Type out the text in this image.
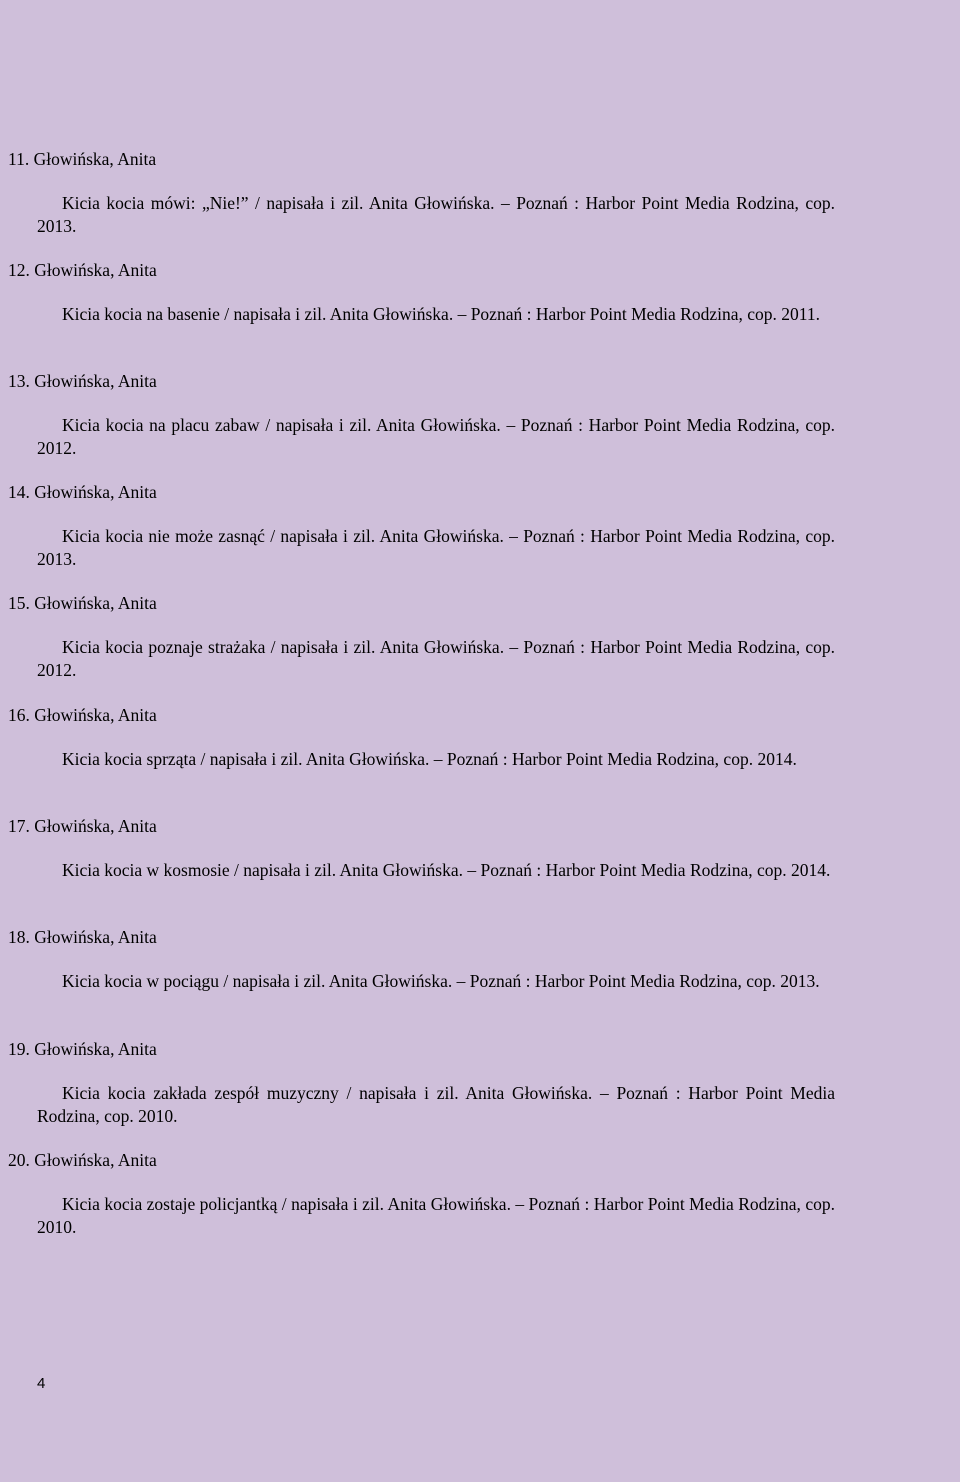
11. Głowińska, Anita
Kicia kocia mówi: „Nie!” / napisała i zil. Anita Głowińska. – Poznań : Harbor Point Media Rodzina, cop. 2013.
12. Głowińska, Anita
Kicia kocia na basenie / napisała i zil. Anita Głowińska. – Poznań : Harbor Point Media Rodzina, cop. 2011.
13. Głowińska, Anita
Kicia kocia na placu zabaw / napisała i zil. Anita Głowińska. – Poznań : Harbor Point Media Rodzina, cop. 2012.
14. Głowińska, Anita
Kicia kocia nie może zasnąć / napisała i zil. Anita Głowińska. – Poznań : Harbor Point Media Rodzina, cop. 2013.
15. Głowińska, Anita
Kicia kocia poznaje strażaka / napisała i zil. Anita Głowińska. – Poznań : Harbor Point Media Rodzina, cop. 2012.
16. Głowińska, Anita
Kicia kocia sprząta / napisała i zil. Anita Głowińska. – Poznań : Harbor Point Media Rodzina, cop. 2014.
17. Głowińska, Anita
Kicia kocia w kosmosie / napisała i zil. Anita Głowińska. – Poznań : Harbor Point Media Rodzina, cop. 2014.
18. Głowińska, Anita
Kicia kocia w pociągu / napisała i zil. Anita Głowińska. – Poznań : Harbor Point Media Rodzina, cop. 2013.
19. Głowińska, Anita
Kicia kocia zakłada zespół muzyczny / napisała i zil. Anita Głowińska. – Poznań : Harbor Point Media Rodzina, cop. 2010.
20. Głowińska, Anita
Kicia kocia zostaje policjantką / napisała i zil. Anita Głowińska. – Poznań : Harbor Point Media Rodzina, cop. 2010.
4
